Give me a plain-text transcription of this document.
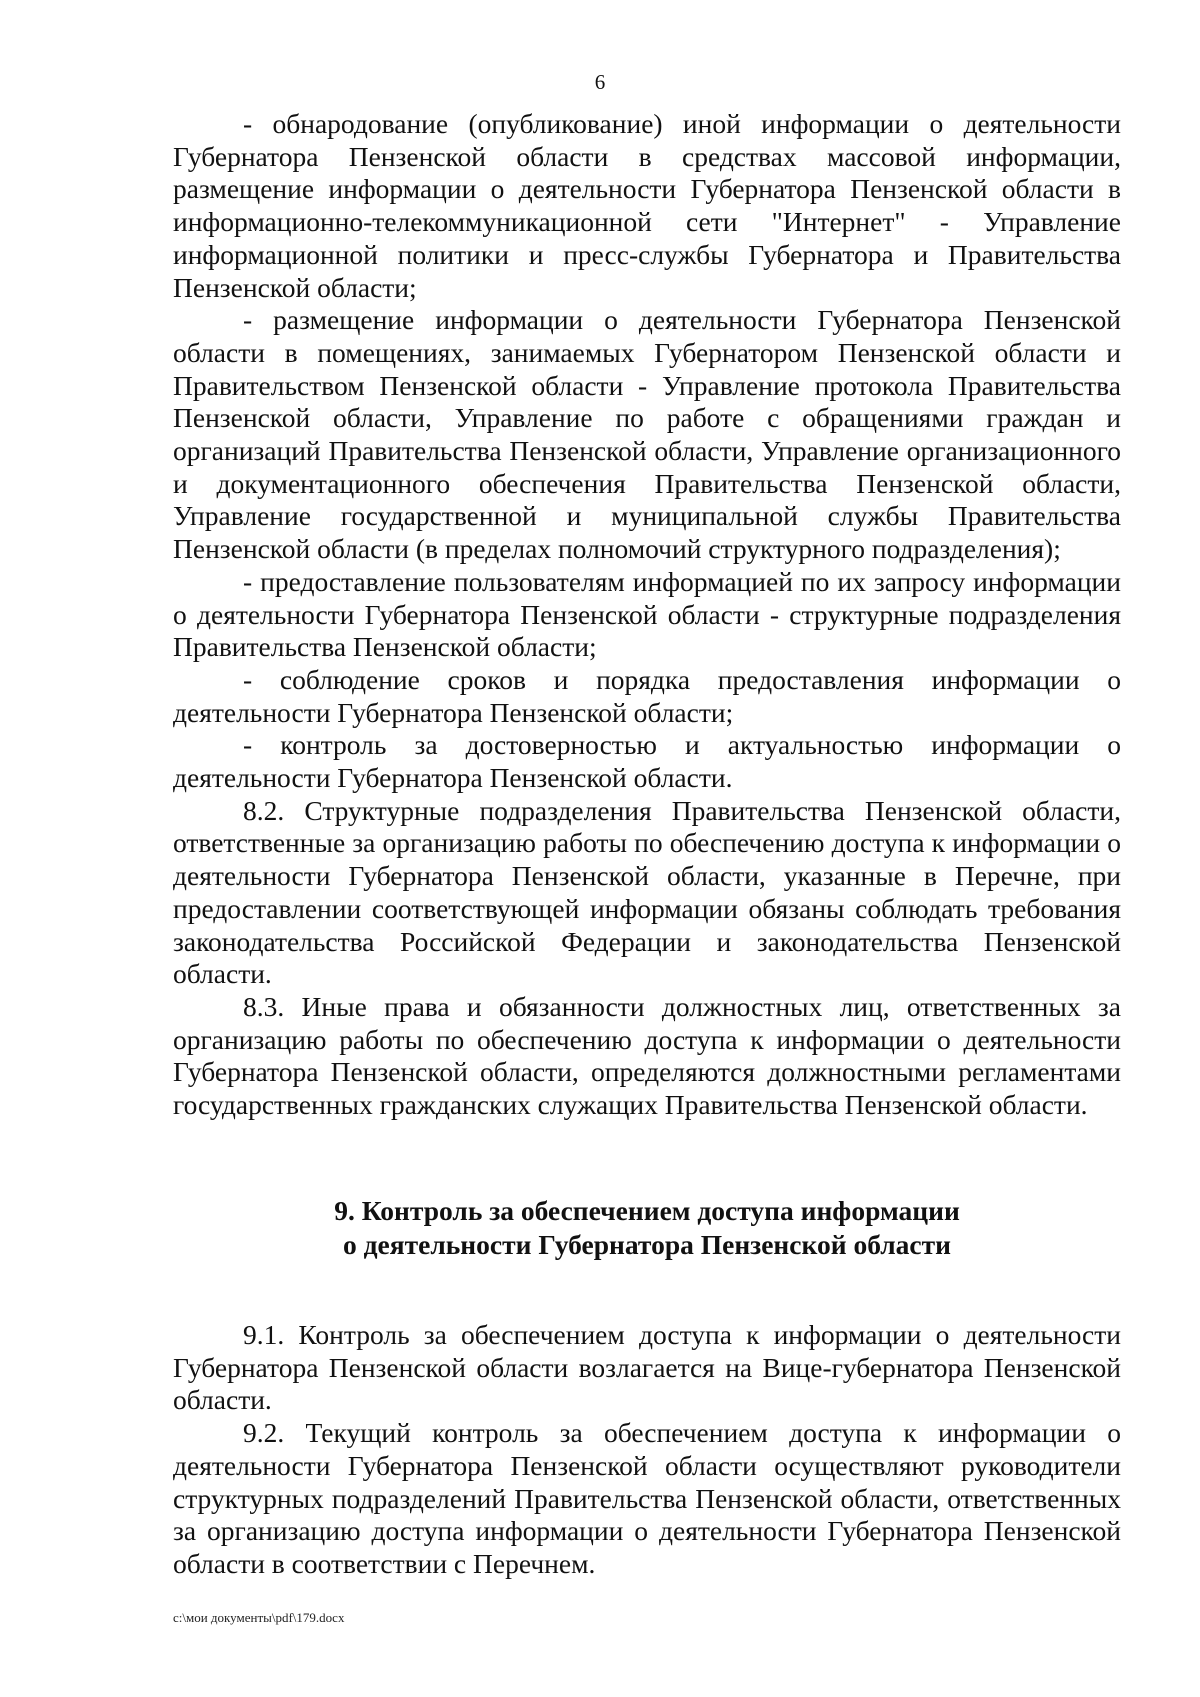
6

- обнародование (опубликование) иной информации о деятельности Губернатора Пензенской области в средствах массовой информации, размещение информации о деятельности Губернатора Пензенской области в информационно-телекоммуникационной сети "Интернет" - Управление информационной политики и пресс-службы Губернатора и Правительства Пензенской области;

- размещение информации о деятельности Губернатора Пензенской области в помещениях, занимаемых Губернатором Пензенской области и Правительством Пензенской области - Управление протокола Правительства Пензенской области, Управление по работе с обращениями граждан и организаций Правительства Пензенской области, Управление организационного и документационного обеспечения Правительства Пензенской области, Управление государственной и муниципальной службы Правительства Пензенской области (в пределах полномочий структурного подразделения);

- предоставление пользователям информацией по их запросу информации о деятельности Губернатора Пензенской области - структурные подразделения Правительства Пензенской области;

- соблюдение сроков и порядка предоставления информации о деятельности Губернатора Пензенской области;

- контроль за достоверностью и актуальностью информации о деятельности Губернатора Пензенской области.

8.2. Структурные подразделения Правительства Пензенской области, ответственные за организацию работы по обеспечению доступа к информации о деятельности Губернатора Пензенской области, указанные в Перечне, при предоставлении соответствующей информации обязаны соблюдать требования законодательства Российской Федерации и законодательства Пензенской области.

8.3. Иные права и обязанности должностных лиц, ответственных за организацию работы по обеспечению доступа к информации о деятельности Губернатора Пензенской области, определяются должностными регламентами государственных гражданских служащих Правительства Пензенской области.

9. Контроль за обеспечением доступа информации
о деятельности Губернатора Пензенской области

9.1. Контроль за обеспечением доступа к информации о деятельности Губернатора Пензенской области возлагается на Вице-губернатора Пензенской области.

9.2. Текущий контроль за обеспечением доступа к информации о деятельности Губернатора Пензенской области осуществляют руководители структурных подразделений Правительства Пензенской области, ответственных за организацию доступа информации о деятельности Губернатора Пензенской области в соответствии с Перечнем.

c:\мои документы\pdf\179.docx
